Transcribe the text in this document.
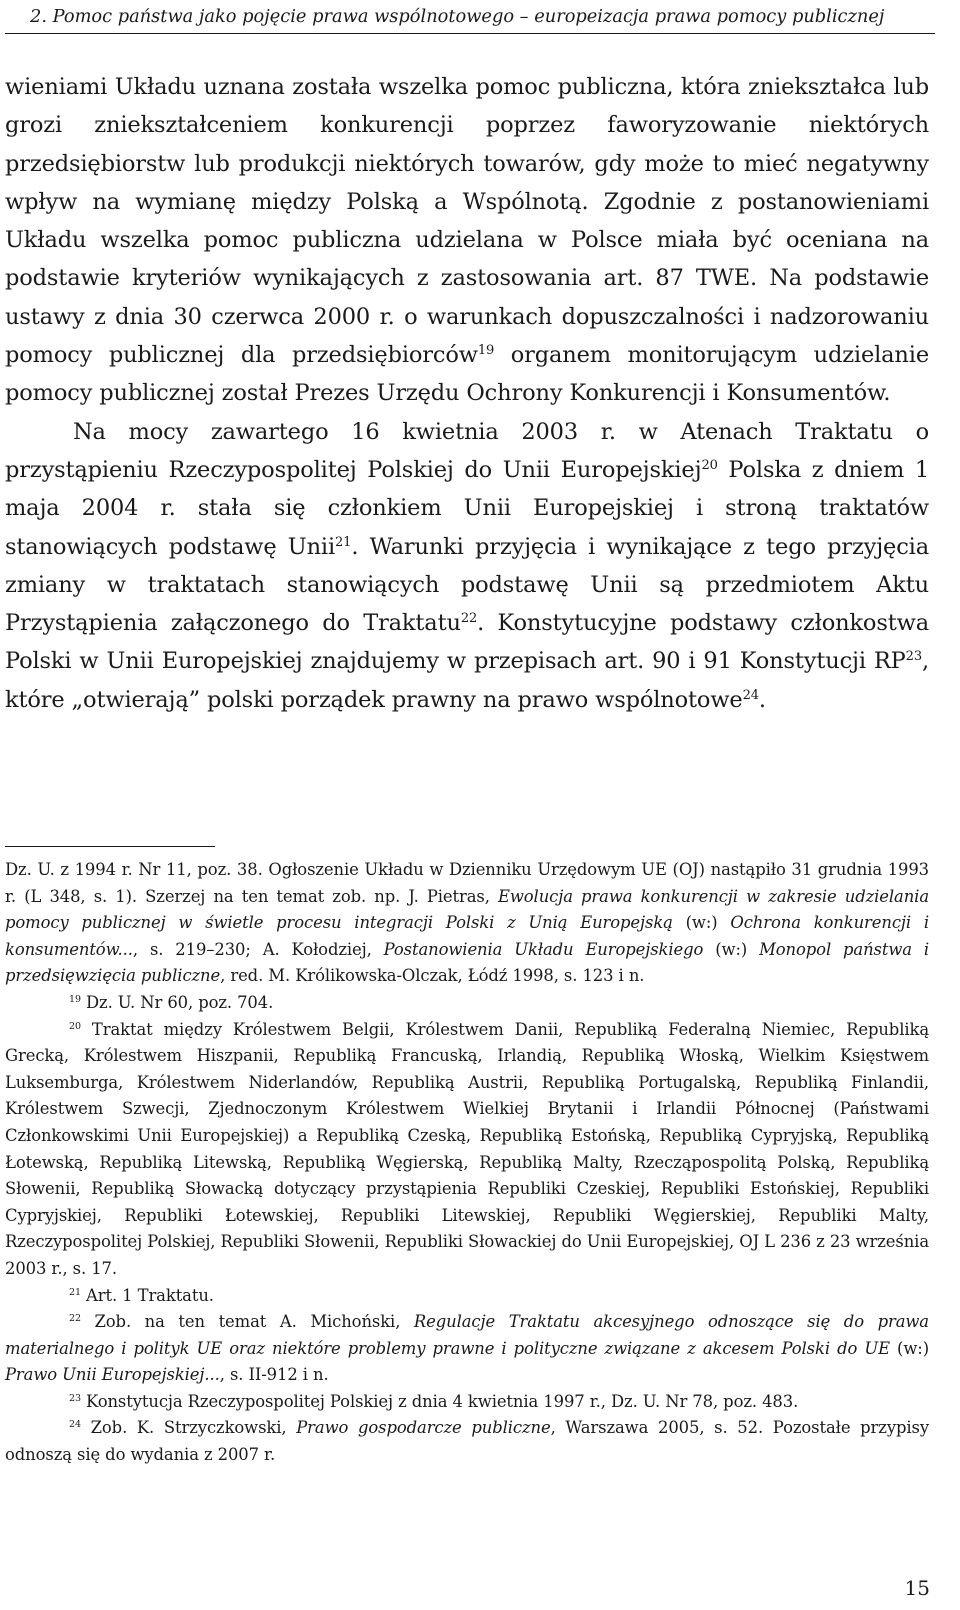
2. Pomoc państwa jako pojęcie prawa wspólnotowego – europeizacja prawa pomocy publicznej

wieniami Układu uznana została wszelka pomoc publiczna, która zniekształca lub grozi zniekształceniem konkurencji poprzez faworyzowanie niektórych przedsiębiorstw lub produkcji niektórych towarów, gdy może to mieć negatywny wpływ na wymianę między Polską a Wspólnotą. Zgodnie z postanowieniami Układu wszelka pomoc publiczna udzielana w Polsce miała być oceniana na podstawie kryteriów wynikających z zastosowania art. 87 TWE. Na podstawie ustawy z dnia 30 czerwca 2000 r. o warunkach dopuszczalności i nadzorowaniu pomocy publicznej dla przedsiębiorców$^{19}$ organem monitorującym udzielanie pomocy publicznej został Prezes Urzędu Ochrony Konkurencji i Konsumentów.

Na mocy zawartego 16 kwietnia 2003 r. w Atenach Traktatu o przystąpieniu Rzeczypospolitej Polskiej do Unii Europejskiej$^{20}$ Polska z dniem 1 maja 2004 r. stała się członkiem Unii Europejskiej i stroną traktatów stanowiących podstawę Unii$^{21}$. Warunki przyjęcia i wynikające z tego przyjęcia zmiany w traktatach stanowiących podstawę Unii są przedmiotem Aktu Przystąpienia załączonego do Traktatu$^{22}$. Konstytucyjne podstawy członkostwa Polski w Unii Europejskiej znajdujemy w przepisach art. 90 i 91 Konstytucji RP$^{23}$, które „otwierają” polski porządek prawny na prawo wspólnotowe$^{24}$.

Dz. U. z 1994 r. Nr 11, poz. 38. Ogłoszenie Układu w Dzienniku Urzędowym UE (OJ) nastąpiło 31 grudnia 1993 r. (L 348, s. 1). Szerzej na ten temat zob. np. J. Pietras, Ewolucja prawa konkurencji w zakresie udzielania pomocy publicznej w świetle procesu integracji Polski z Unią Europejską (w:) Ochrona konkurencji i konsumentów..., s. 219–230; A. Kołodziej, Postanowienia Układu Europejskiego (w:) Monopol państwa i przedsięwzięcia publiczne, red. M. Królikowska-Olczak, Łódź 1998, s. 123 i n.

$^{19}$ Dz. U. Nr 60, poz. 704.

$^{20}$ Traktat między Królestwem Belgii, Królestwem Danii, Republiką Federalną Niemiec, Republiką Grecką, Królestwem Hiszpanii, Republiką Francuską, Irlandią, Republiką Włoską, Wielkim Księstwem Luksemburga, Królestwem Niderlandów, Republiką Austrii, Republiką Portugalską, Republiką Finlandii, Królestwem Szwecji, Zjednoczonym Królestwem Wielkiej Brytanii i Irlandii Północnej (Państwami Członkowskimi Unii Europejskiej) a Republiką Czeską, Republiką Estońską, Republiką Cypryjską, Republiką Łotewską, Republiką Litewską, Republiką Węgierską, Republiką Malty, Rzecząpospolitą Polską, Republiką Słowenii, Republiką Słowacką dotyczący przystąpienia Republiki Czeskiej, Republiki Estońskiej, Republiki Cypryjskiej, Republiki Łotewskiej, Republiki Litewskiej, Republiki Węgierskiej, Republiki Malty, Rzeczypospolitej Polskiej, Republiki Słowenii, Republiki Słowackiej do Unii Europejskiej, OJ L 236 z 23 września 2003 r., s. 17.

$^{21}$ Art. 1 Traktatu.

$^{22}$ Zob. na ten temat A. Michoński, Regulacje Traktatu akcesyjnego odnoszące się do prawa materialnego i polityk UE oraz niektóre problemy prawne i polityczne związane z akcesem Polski do UE (w:) Prawo Unii Europejskiej..., s. II-912 i n.

$^{23}$ Konstytucja Rzeczypospolitej Polskiej z dnia 4 kwietnia 1997 r., Dz. U. Nr 78, poz. 483.

$^{24}$ Zob. K. Strzyczkowski, Prawo gospodarcze publiczne, Warszawa 2005, s. 52. Pozostałe przypisy odnoszą się do wydania z 2007 r.

15
